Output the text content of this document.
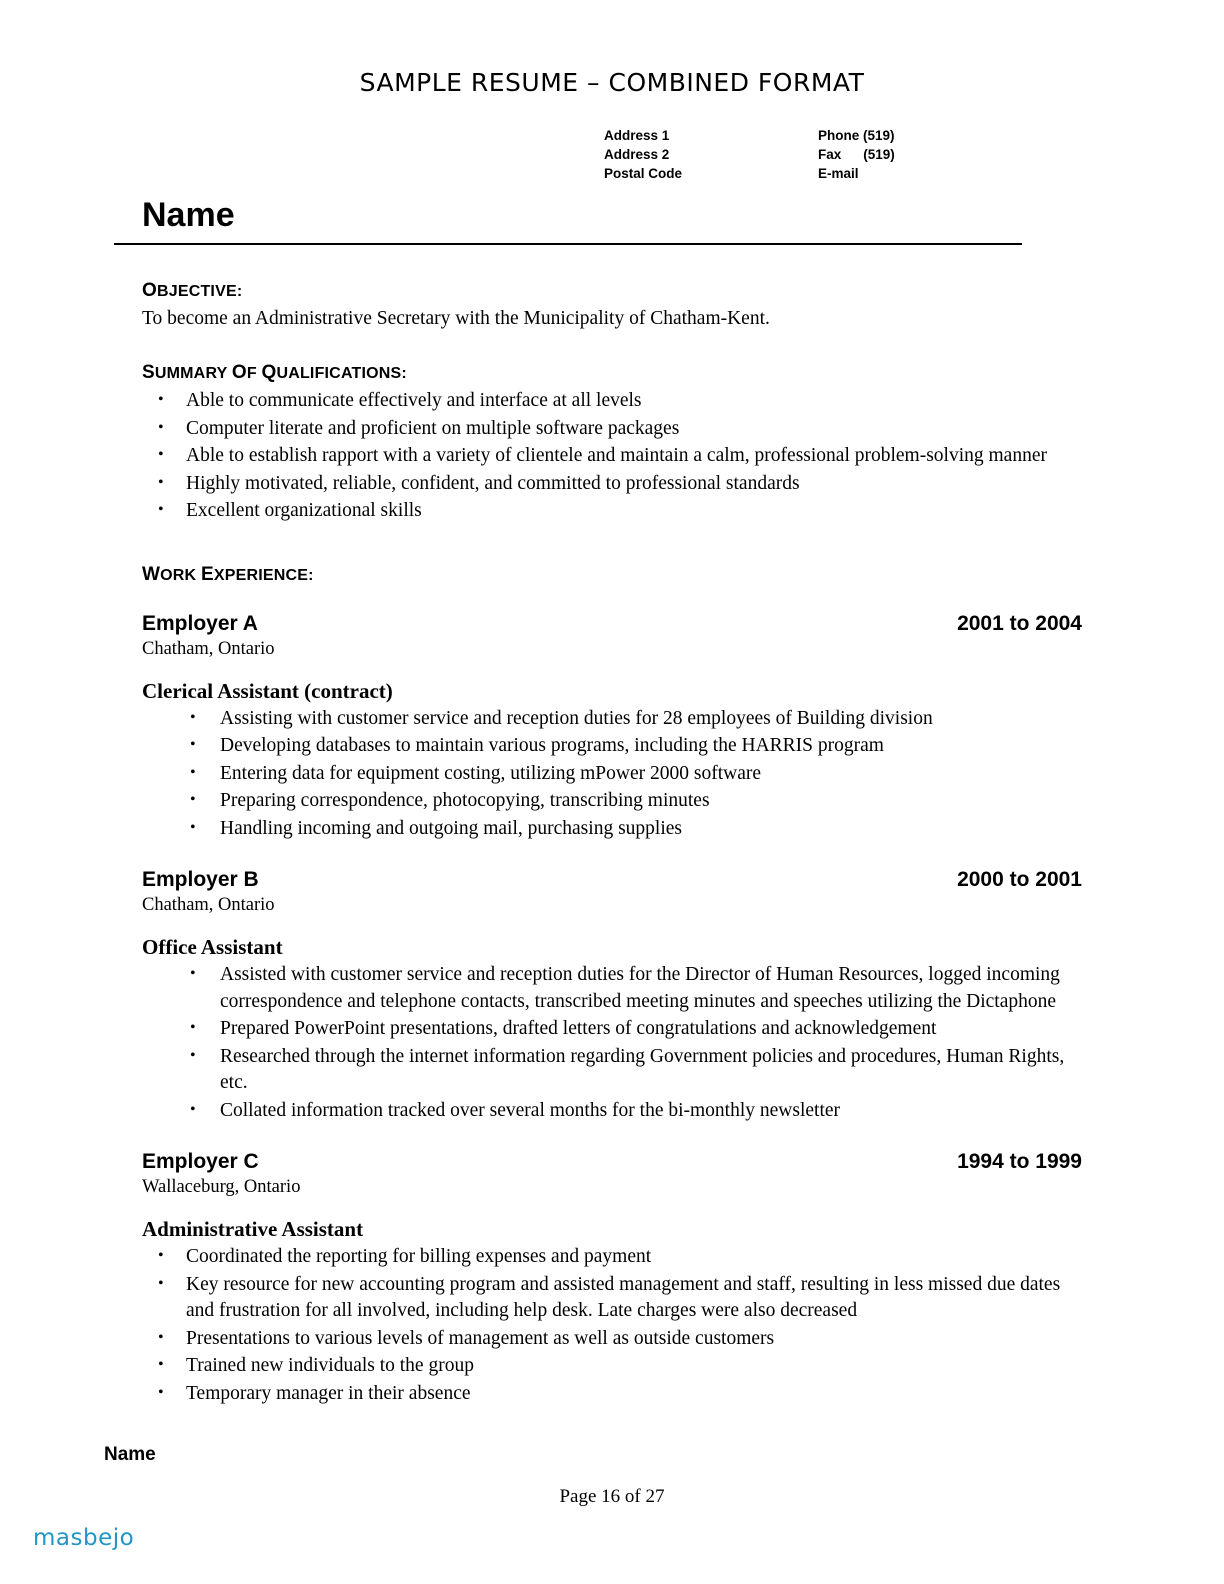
SAMPLE RESUME – COMBINED FORMAT
Address 1	Phone (519)
Address 2	Fax (519)
Postal Code	E-mail
Name
OBJECTIVE:
To become an Administrative Secretary with the Municipality of Chatham-Kent.
SUMMARY OF QUALIFICATIONS:
• Able to communicate effectively and interface at all levels
• Computer literate and proficient on multiple software packages
• Able to establish rapport with a variety of clientele and maintain a calm, professional problem-solving manner
• Highly motivated, reliable, confident, and committed to professional standards
• Excellent organizational skills
WORK EXPERIENCE:
Employer A	2001 to 2004
Chatham, Ontario
Clerical Assistant (contract)
• Assisting with customer service and reception duties for 28 employees of Building division
• Developing databases to maintain various programs, including the HARRIS program
• Entering data for equipment costing, utilizing mPower 2000 software
• Preparing correspondence, photocopying, transcribing minutes
• Handling incoming and outgoing mail, purchasing supplies
Employer B	2000 to 2001
Chatham, Ontario
Office Assistant
• Assisted with customer service and reception duties for the Director of Human Resources, logged incoming correspondence and telephone contacts, transcribed meeting minutes and speeches utilizing the Dictaphone
• Prepared PowerPoint presentations, drafted letters of congratulations and acknowledgement
• Researched through the internet information regarding Government policies and procedures, Human Rights, etc.
• Collated information tracked over several months for the bi-monthly newsletter
Employer C	1994 to 1999
Wallaceburg, Ontario
Administrative Assistant
• Coordinated the reporting for billing expenses and payment
• Key resource for new accounting program and assisted management and staff, resulting in less missed due dates and frustration for all involved, including help desk. Late charges were also decreased
• Presentations to various levels of management as well as outside customers
• Trained new individuals to the group
• Temporary manager in their absence
Name
Page 16 of 27
masbejo
